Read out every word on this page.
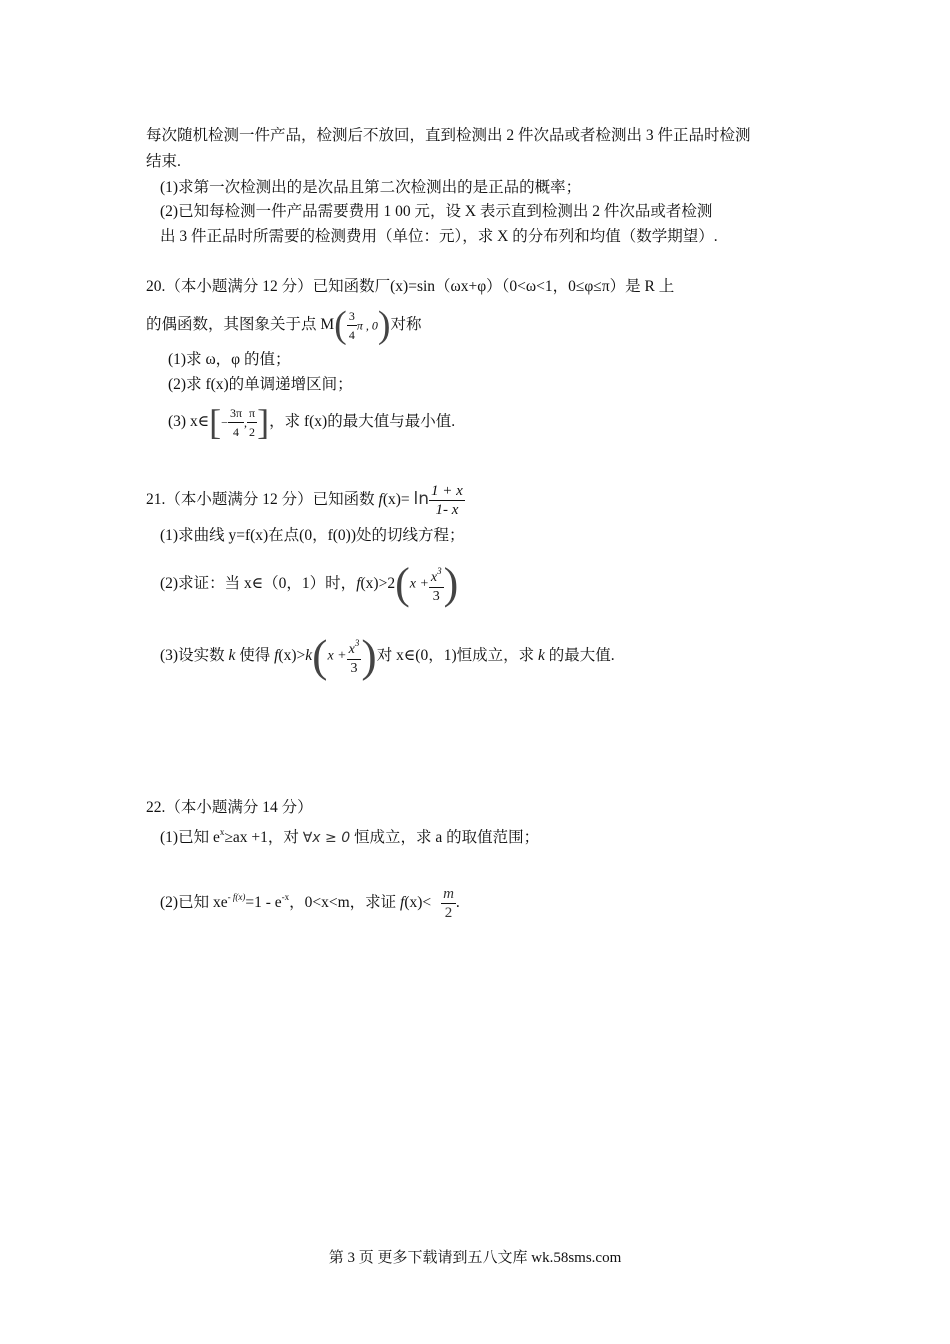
每次随机检测一件产品，检测后不放回，直到检测出 2 件次品或者检测出 3 件正品时检测
结束.
(1)求第一次检测出的是次品且第二次检测出的是正品的概率；
(2)已知每检测一件产品需要费用 1 00 元，设 X 表示直到检测出 2 件次品或者检测
出 3 件正品时所需要的检测费用（单位：元），求 X 的分布列和均值（数学期望）.
20.（本小题满分 12 分）已知函数厂(x)=sin（ωx+φ）（0<ω<1，0≤φ≤π）是 R 上
的偶函数，其图象关于点 $M( \frac{3}{4}$ π , 0)对称
(1)求 ω，φ 的值；
(2)求 f(x)的单调递增区间；
(3) x∈[− $\frac{3\pi}{4}$ , $\frac{\pi}{2}$ ]，求 f(x)的最大值与最小值.
21.（本小题满分 12 分）已知函数 $f(x)= \ln \frac{1 + x}{1- x}$
(1)求曲线 y=f(x)在点(0，f(0))处的切线方程；
(2)求证：当 x∈（0，1）时，$f(x)>2(x + \frac{x^3}{3}$ )
(3)设实数 k 使得 $f(x)>k(x + \frac{x^3}{3}$ )对 x∈(0，1)恒成立，求 k 的最大值.
22.（本小题满分 14 分）
(1)已知 $e^x\ge ax +1$，对 ∀x ≥ 0 恒成立，求 a 的取值范围；
(2)已知 $xe^{- f(x)}=1 - e^{-x}$，0<x<m，求证 $f(x)< \frac{m}{2}$ .
第 3 页 更多下载请到五八文库 wk.58sms.com
